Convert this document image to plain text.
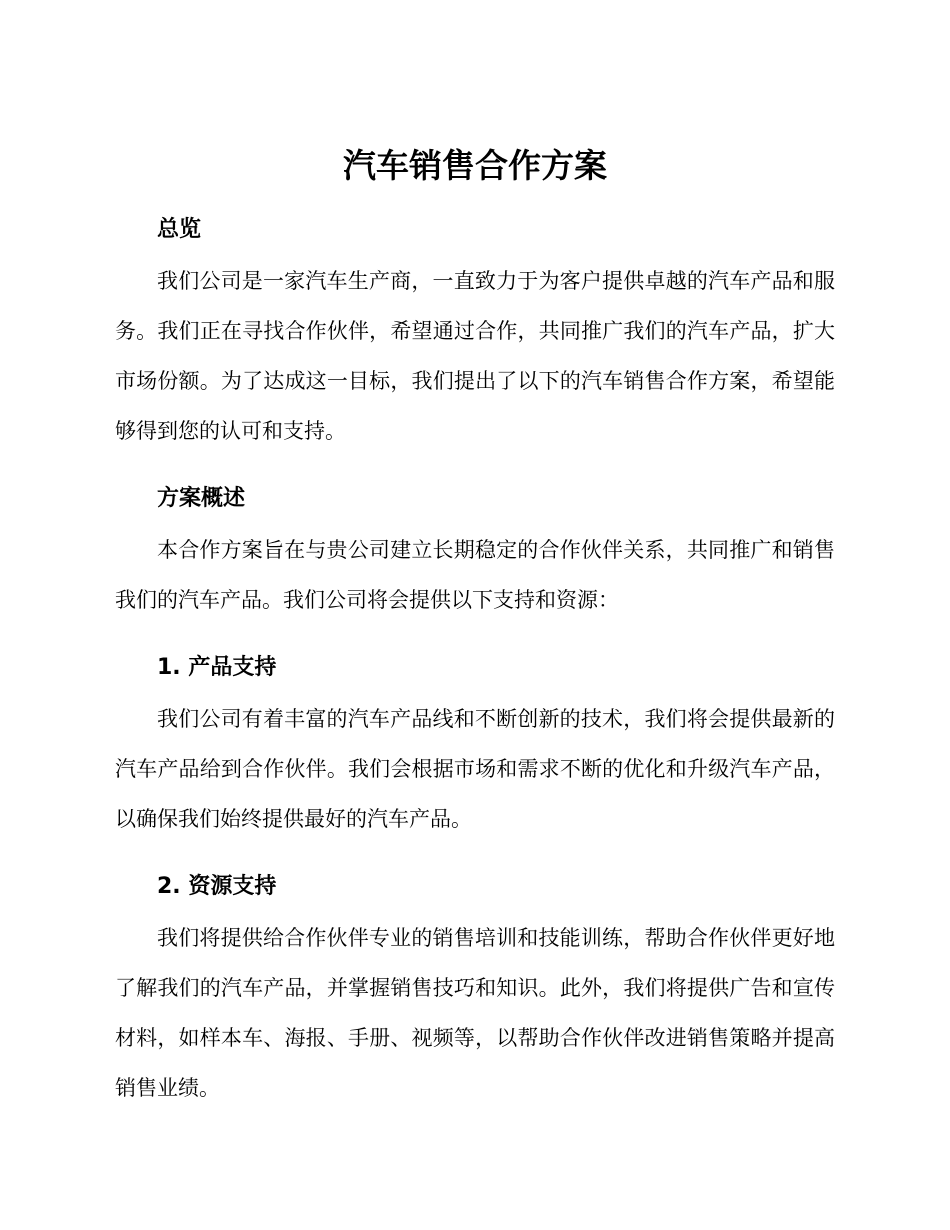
汽车销售合作方案
总览

我们公司是一家汽车生产商，一直致力于为客户提供卓越的汽车产品和服务。我们正在寻找合作伙伴，希望通过合作，共同推广我们的汽车产品，扩大市场份额。为了达成这一目标，我们提出了以下的汽车销售合作方案，希望能够得到您的认可和支持。

方案概述

本合作方案旨在与贵公司建立长期稳定的合作伙伴关系，共同推广和销售我们的汽车产品。我们公司将会提供以下支持和资源：

1. 产品支持

我们公司有着丰富的汽车产品线和不断创新的技术，我们将会提供最新的汽车产品给到合作伙伴。我们会根据市场和需求不断的优化和升级汽车产品，以确保我们始终提供最好的汽车产品。

2. 资源支持

我们将提供给合作伙伴专业的销售培训和技能训练，帮助合作伙伴更好地了解我们的汽车产品，并掌握销售技巧和知识。此外，我们将提供广告和宣传材料，如样本车、海报、手册、视频等，以帮助合作伙伴改进销售策略并提高销售业绩。
